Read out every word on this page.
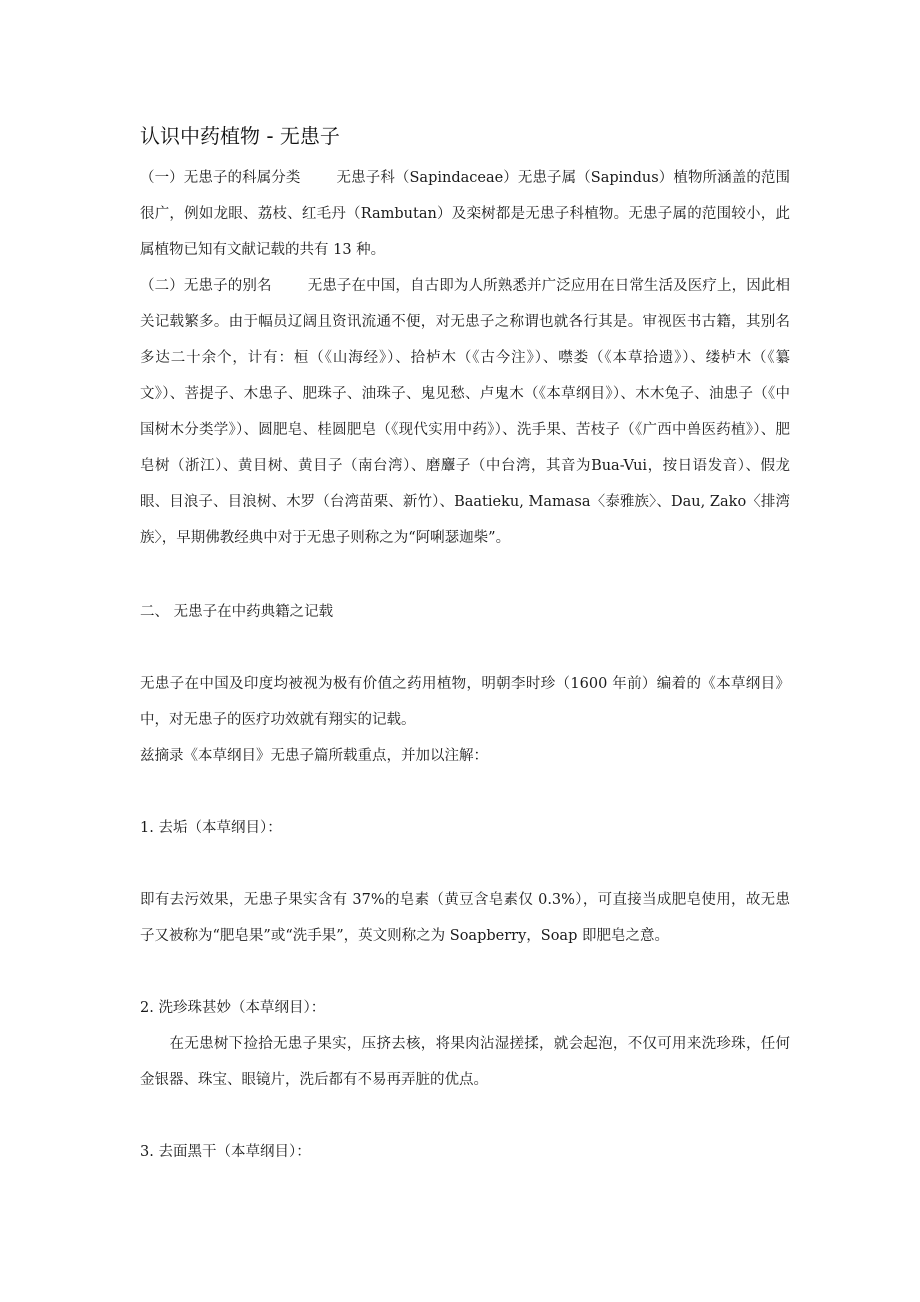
认识中药植物 - 无患子
（一）无患子的科属分类 无患子科（Sapindaceae）无患子属（Sapindus）植物所涵盖的范围很广，例如龙眼、荔枝、红毛丹（Rambutan）及栾树都是无患子科植物。无患子属的范围较小，此属植物已知有文献记载的共有 13 种。
（二）无患子的别名 无患子在中国，自古即为人所熟悉并广泛应用在日常生活及医疗上，因此相关记载繁多。由于幅员辽阔且资讯流通不便，对无患子之称谓也就各行其是。审视医书古籍，其别名多达二十余个，计有：桓（《山海经》）、拾栌木（《古今注》）、噤娄（《本草拾遗》）、缕栌木（《纂文》）、菩提子、木患子、肥珠子、油珠子、鬼见愁、卢鬼木（《本草纲目》）、木木兔子、油患子（《中国树木分类学》）、圆肥皂、桂圆肥皂（《现代实用中药》）、洗手果、苦枝子（《广西中兽医药植》）、肥皂树（浙江）、黄目树、黄目子（南台湾）、磨麞子（中台湾，其音为Bua-Vui，按日语发音）、假龙眼、目浪子、目浪树、木罗（台湾苗栗、新竹）、Baatieku, Mamasa〈泰雅族〉、Dau, Zako〈排湾族〉，早期佛教经典中对于无患子则称之为“阿唎瑟迦柴”。
二、 无患子在中药典籍之记载
无患子在中国及印度均被视为极有价值之药用植物，明朝李时珍（1600 年前）编着的《本草纲目》中，对无患子的医疗功效就有翔实的记载。
兹摘录《本草纲目》无患子篇所载重点，并加以注解：
1. 去垢（本草纲目）：
即有去污效果，无患子果实含有 37%的皂素（黄豆含皂素仅 0.3%），可直接当成肥皂使用，故无患子又被称为“肥皂果”或“洗手果”，英文则称之为 Soapberry，Soap 即肥皂之意。
2. 洗珍珠甚妙（本草纲目）：
　　在无患树下捡拾无患子果实，压挤去核，将果肉沾湿搓揉，就会起泡，不仅可用来洗珍珠，任何金银器、珠宝、眼镜片，洗后都有不易再弄脏的优点。
3. 去面黑干（本草纲目）：
